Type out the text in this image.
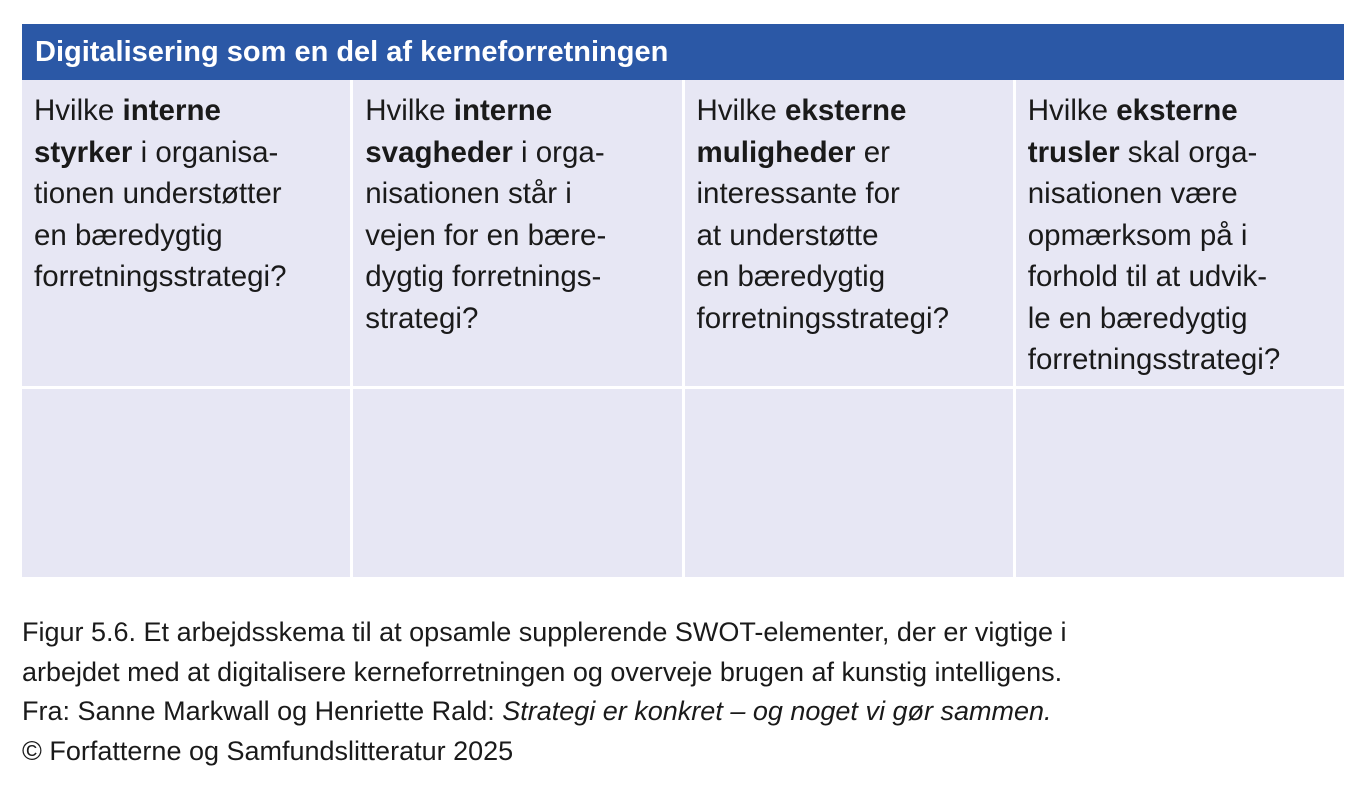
Digitalisering som en del af kerneforretningen
Hvilke interne
styrker i organisa-
tionen understøtter
en bæredygtig
forretningsstrategi?
Hvilke interne
svagheder i orga-
nisationen står i
vejen for en bære-
dygtig forretnings-
strategi?
Hvilke eksterne
muligheder er
interessante for
at understøtte
en bæredygtig
forretningsstrategi?
Hvilke eksterne
trusler skal orga-
nisationen være
opmærksom på i
forhold til at udvik-
le en bæredygtig
forretningsstrategi?
Figur 5.6. Et arbejdsskema til at opsamle supplerende SWOT-elementer, der er vigtige i
arbejdet med at digitalisere kerneforretningen og overveje brugen af kunstig intelligens.
Fra: Sanne Markwall og Henriette Rald: Strategi er konkret – og noget vi gør sammen.
© Forfatterne og Samfundslitteratur 2025
